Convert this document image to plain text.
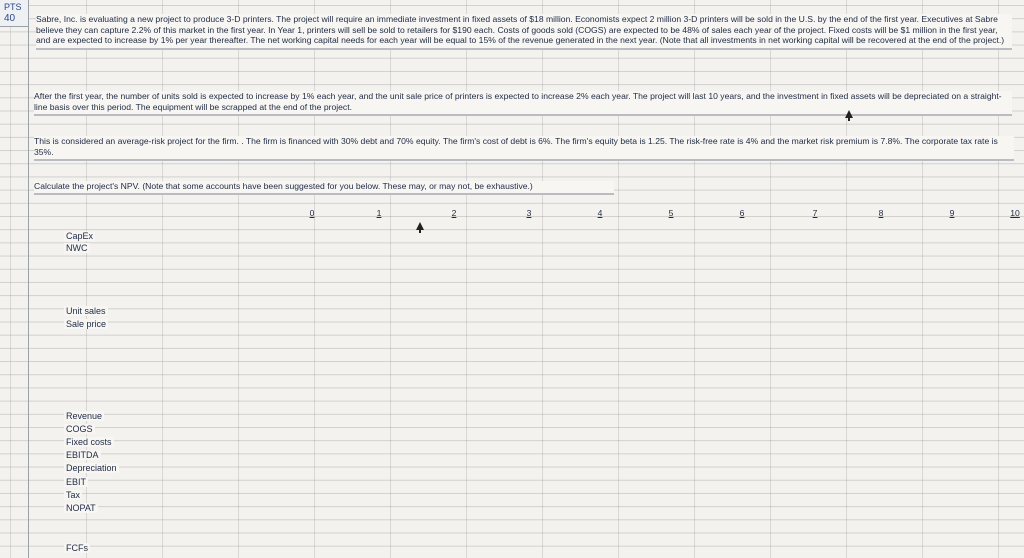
PTS
40 Sabre, Inc. is evaluating a new project to produce 3-D printers. The project will require an immediate investment in fixed assets of $18 million. Economists expect 2 million 3-D printers will be sold in the U.S. by the end of the first year. Executives at Sabre believe they can capture 2.2% of this market in the first year. In Year 1, printers will sell be sold to retailers for $190 each. Costs of goods sold (COGS) are expected to be 48% of sales each year of the project. Fixed costs will be $1 million in the first year, and are expected to increase by 1% per year thereafter. The net working capital needs for each year will be equal to 15% of the revenue generated in the next year. (Note that all investments in net working capital will be recovered at the end of the project.)
After the first year, the number of units sold is expected to increase by 1% each year, and the unit sale price of printers is expected to increase 2% each year. The project will last 10 years, and the investment in fixed assets will be depreciated on a straight-line basis over this period. The equipment will be scrapped at the end of the project.
This is considered an average-risk project for the firm. . The firm is financed with 30% debt and 70% equity. The firm's cost of debt is 6%. The firm's equity beta is 1.25. The risk-free rate is 4% and the market risk premium is 7.8%. The corporate tax rate is 35%.
Calculate the project's NPV. (Note that some accounts have been suggested for you below. These may, or may not, be exhaustive.)
0	1	2	3	4	5	6	7	8	9	10
CapEx
NWC
Unit sales
Sale price
Revenue
COGS
Fixed costs
EBITDA
Depreciation
EBIT
Tax
NOPAT
FCFs
